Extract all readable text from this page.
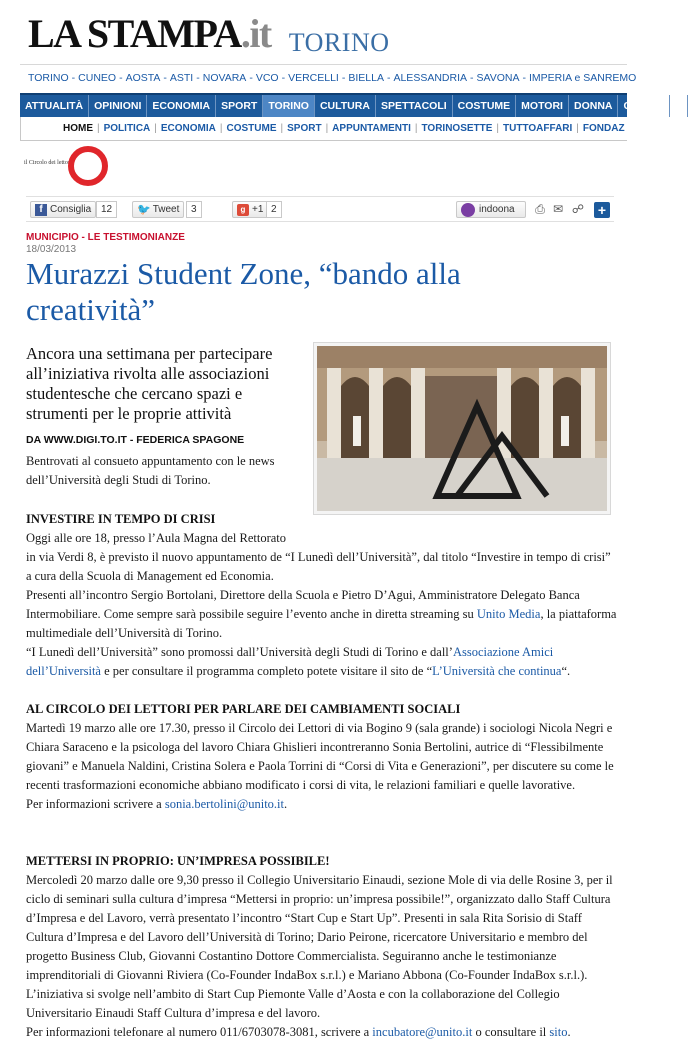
LA STAMPA.it TORINO
TORINO - CUNEO - AOSTA - ASTI - NOVARA - VCO - VERCELLI - BIELLA - ALESSANDRIA - SAVONA - IMPERIA e SANREMO
ATTUALITÀ	OPINIONI	ECONOMIA	SPORT	TORINO	CULTURA	SPETTACOLI	COSTUME	MOTORI	DONNA	CUCINA	S
HOME | POLITICA | ECONOMIA | COSTUME | SPORT | APPUNTAMENTI | TORINOSETTE | TUTTOAFFARI | FONDAZ
il Circolo dei lettori
f Consiglia 12	🐦 Tweet	3	g +1 2	indoona ⎙ ✉ ☍ +
MUNICIPIO - LE TESTIMONIANZE
18/03/2013
Murazzi Student Zone, “bando alla creatività”
Ancora una settimana per partecipare all’iniziativa rivolta alle associazioni studentesche che cercano spazi e strumenti per le proprie attività
DA WWW.DIGI.TO.IT - FEDERICA SPAGONE
Bentrovati al consueto appuntamento con le news dell’Università degli Studi di Torino.
INVESTIRE IN TEMPO DI CRISI
Oggi alle ore 18, presso l’Aula Magna del Rettorato
in via Verdi 8, è previsto il nuovo appuntamento de “I Lunedì dell’Università”, dal titolo “Investire in tempo di crisi” a cura della Scuola di Management ed Economia.
Presenti all’incontro Sergio Bortolani, Direttore della Scuola e Pietro D’Agui, Amministratore Delegato Banca Intermobiliare. Come sempre sarà possibile seguire l’evento anche in diretta streaming su Unito Media, la piattaforma multimediale dell’Università di Torino.
“I Lunedì dell’Università” sono promossi dall’Università degli Studi di Torino e dall’Associazione Amici dell’Università e per consultare il programma completo potete visitare il sito de “L’Università che continua“.
AL CIRCOLO DEI LETTORI PER PARLARE DEI CAMBIAMENTI SOCIALI
Martedì 19 marzo alle ore 17.30, presso il Circolo dei Lettori di via Bogino 9 (sala grande) i sociologi Nicola Negri e Chiara Saraceno e la psicologa del lavoro Chiara Ghislieri incontreranno Sonia Bertolini, autrice di “Flessibilmente giovani” e Manuela Naldini, Cristina Solera e Paola Torrini di “Corsi di Vita e Generazioni”, per discutere su come le recenti trasformazioni economiche abbiano modificato i corsi di vita, le relazioni familiari e quelle lavorative.
Per informazioni scrivere a sonia.bertolini@unito.it.
METTERSI IN PROPRIO: UN’IMPRESA POSSIBILE!
Mercoledì 20 marzo dalle ore 9,30 presso il Collegio Universitario Einaudi, sezione Mole di via delle Rosine 3, per il ciclo di seminari sulla cultura d’impresa “Mettersi in proprio: un’impresa possibile!”, organizzato dallo Staff Cultura d’Impresa e del Lavoro, verrà presentato l’incontro “Start Cup e Start Up”. Presenti in sala Rita Sorisio di Staff Cultura d’Impresa e del Lavoro dell’Università di Torino; Dario Peirone, ricercatore Universitario e membro del progetto Business Club, Giovanni Costantino Dottore Commercialista. Seguiranno anche le testimonianze imprenditoriali di Giovanni Riviera (Co-Founder IndaBox s.r.l.) e Mariano Abbona (Co-Founder IndaBox s.r.l.). L’iniziativa si svolge nell’ambito di Start Cup Piemonte Valle d’Aosta e con la collaborazione del Collegio Universitario Einaudi Staff Cultura d’impresa e del lavoro.
Per informazioni telefonare al numero 011/6703078-3081, scrivere a incubatore@unito.it o consultare il sito.
